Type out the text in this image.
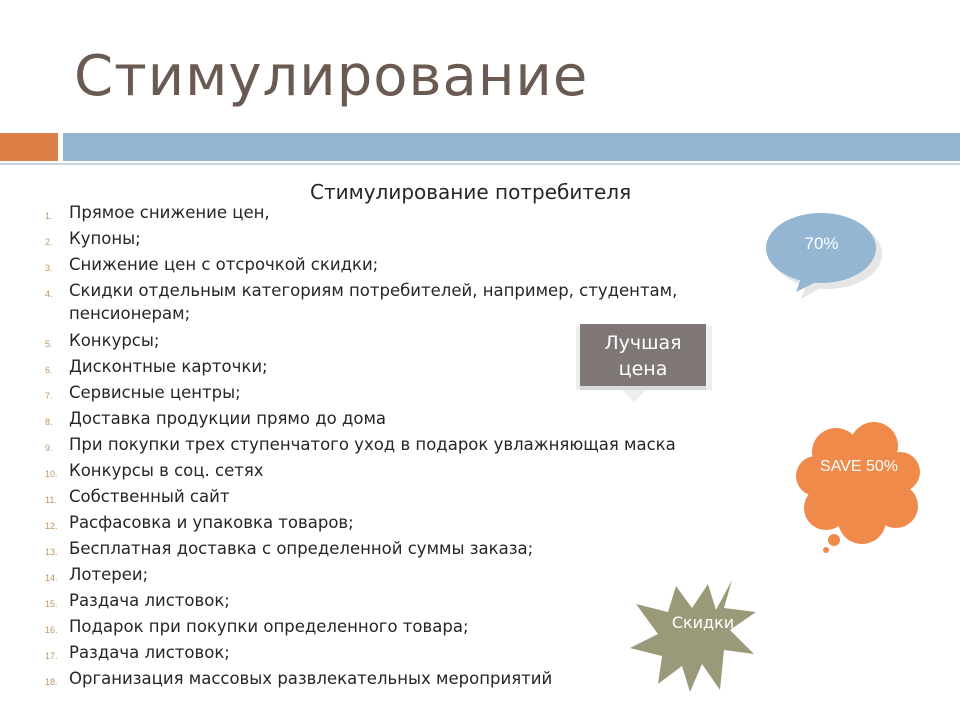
Стимулирование
Стимулирование потребителя
1. Прямое снижение цен,
2. Купоны;
3. Снижение цен с отсрочкой скидки;
4. Скидки отдельным категориям потребителей, например, студентам, пенсионерам;
5. Конкурсы;
6. Дисконтные карточки;
7. Сервисные центры;
8. Доставка продукции прямо до дома
9. При покупки трех ступенчатого уход в подарок увлажняющая маска
10. Конкурсы в соц. сетях
11. Собственный сайт
12. Расфасовка и упаковка товаров;
13. Бесплатная доставка с определенной суммы заказа;
14. Лотереи;
15. Раздача листовок;
16. Подарок при покупки определенного товара;
17. Раздача листовок;
18. Организация массовых развлекательных мероприятий
70%
Лучшая цена
SAVE 50%
Скидки
